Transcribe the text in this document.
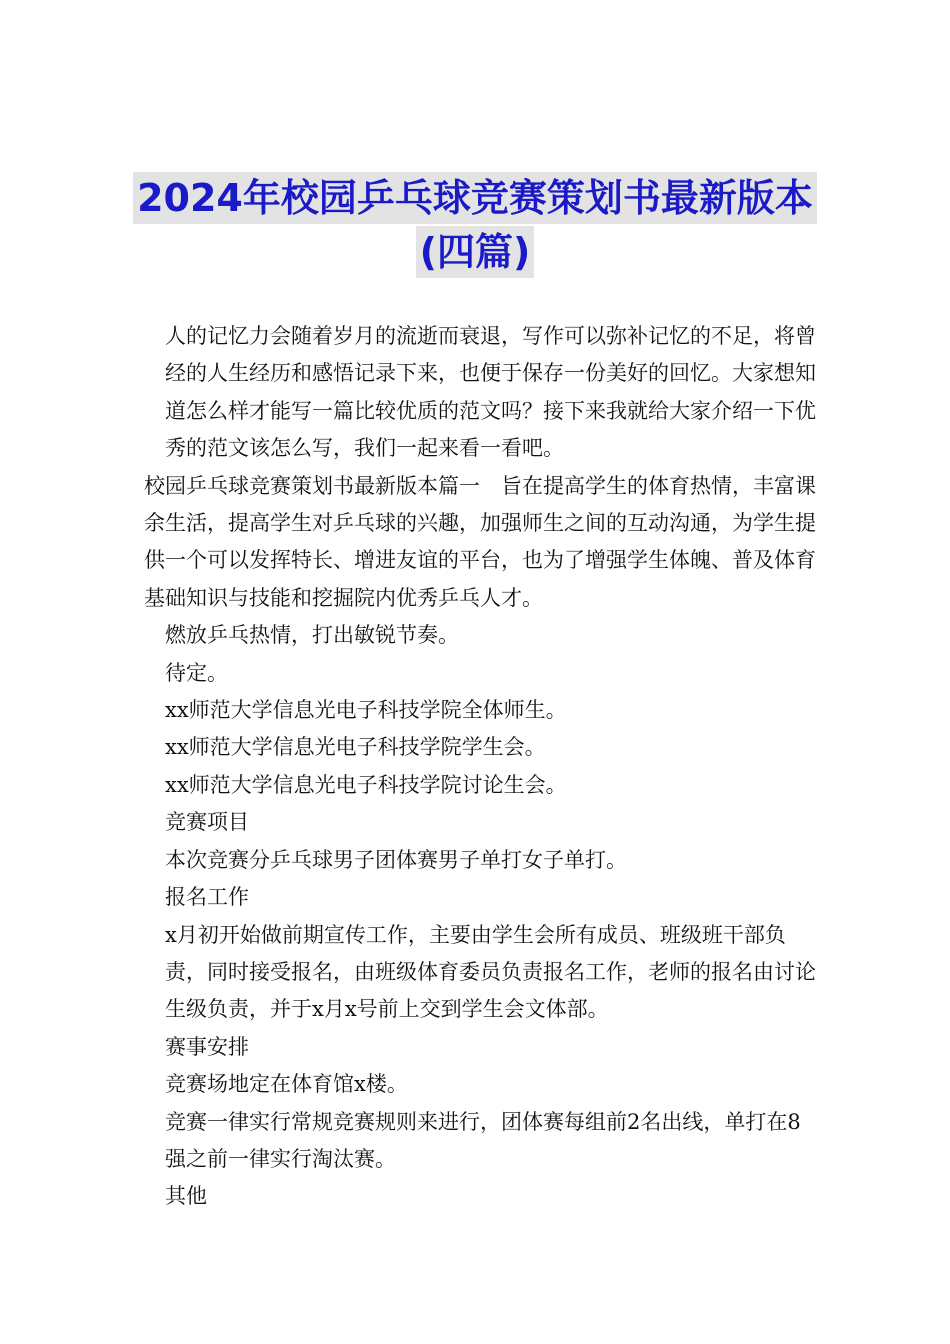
2024年校园乒乓球竞赛策划书最新版本
(四篇)

人的记忆力会随着岁月的流逝而衰退，写作可以弥补记忆的不足，将曾经的人生经历和感悟记录下来，也便于保存一份美好的回忆。大家想知道怎么样才能写一篇比较优质的范文吗？接下来我就给大家介绍一下优秀的范文该怎么写，我们一起来看一看吧。

校园乒乓球竞赛策划书最新版本篇一　旨在提高学生的体育热情，丰富课余生活，提高学生对乒乓球的兴趣，加强师生之间的互动沟通，为学生提供一个可以发挥特长、增进友谊的平台，也为了增强学生体魄、普及体育基础知识与技能和挖掘院内优秀乒乓人才。

燃放乒乓热情，打出敏锐节奏。

待定。

xx师范大学信息光电子科技学院全体师生。

xx师范大学信息光电子科技学院学生会。

xx师范大学信息光电子科技学院讨论生会。

竞赛项目

本次竞赛分乒乓球男子团体赛男子单打女子单打。

报名工作

x月初开始做前期宣传工作，主要由学生会所有成员、班级班干部负责，同时接受报名，由班级体育委员负责报名工作，老师的报名由讨论生级负责，并于x月x号前上交到学生会文体部。

赛事安排

竞赛场地定在体育馆x楼。

竞赛一律实行常规竞赛规则来进行，团体赛每组前2名出线，单打在8强之前一律实行淘汰赛。

其他
